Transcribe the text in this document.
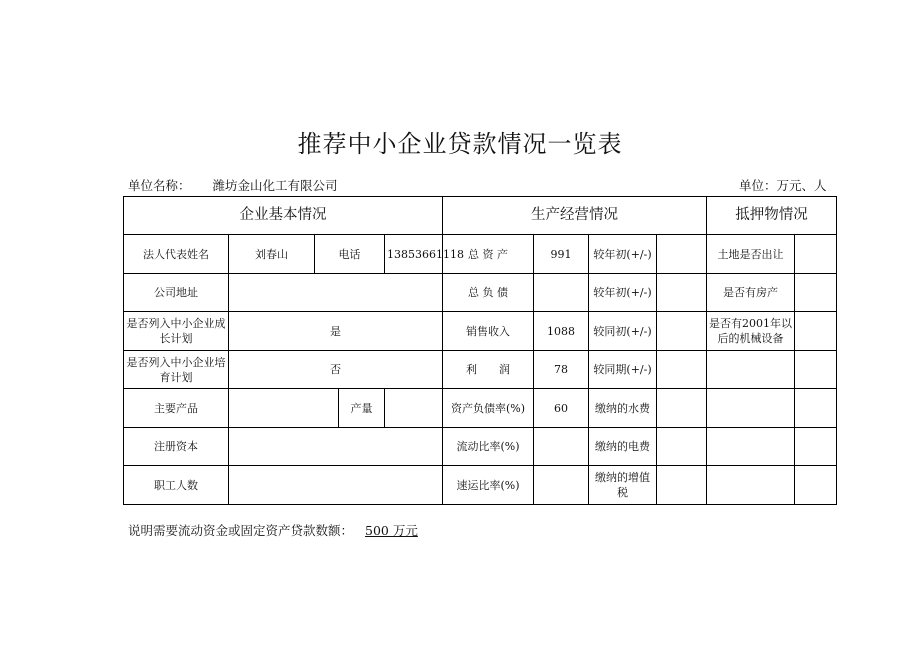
推荐中小企业贷款情况一览表
单位名称： 潍坊金山化工有限公司	单位：万元、人
企业基本情况					生产经营情况				抵押物情况	
法人代表姓名	刘春山	电话		13853661118	总 资 产	991	较年初(+/-)		土地是否出让	
公司地址					总 负 债		较年初(+/-)		是否有房产	
是否列入中小企业成长计划	是				销售收入	1088	较同初(+/-)		是否有2001年以后的机械设备	
是否列入中小企业培育计划	否				利　　润	78	较同期(+/-)			
主要产品			产量		资产负债率(%)	60	缴纳的水费			
注册资本					流动比率(%)		缴纳的电费			
职工人数					速运比率(%)		缴纳的增值税			
说明需要流动资金或固定资产贷款数额： 500 万元
